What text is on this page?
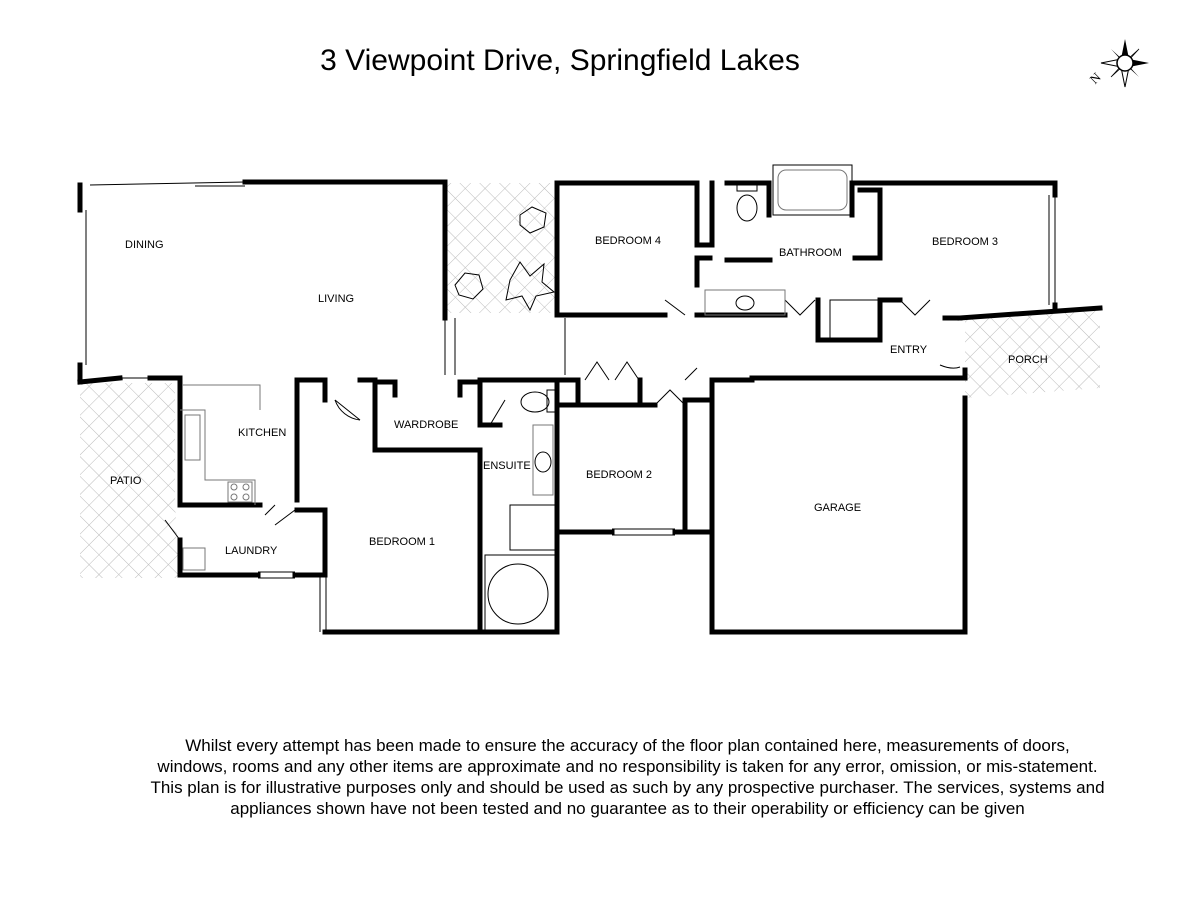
3 Viewpoint Drive, Springfield Lakes
N
DINING
LIVING
BEDROOM 4
BATHROOM
BEDROOM 3
ENTRY
PORCH
KITCHEN
WARDROBE
ENSUITE
BEDROOM 2
GARAGE
PATIO
LAUNDRY
BEDROOM 1
Whilst every attempt has been made to ensure the accuracy of the floor plan contained here, measurements of doors, windows, rooms and any other items are approximate and no responsibility is taken for any error, omission, or mis-statement. This plan is for illustrative purposes only and should be used as such by any prospective purchaser. The services, systems and appliances shown have not been tested and no guarantee as to their operability or efficiency can be given
